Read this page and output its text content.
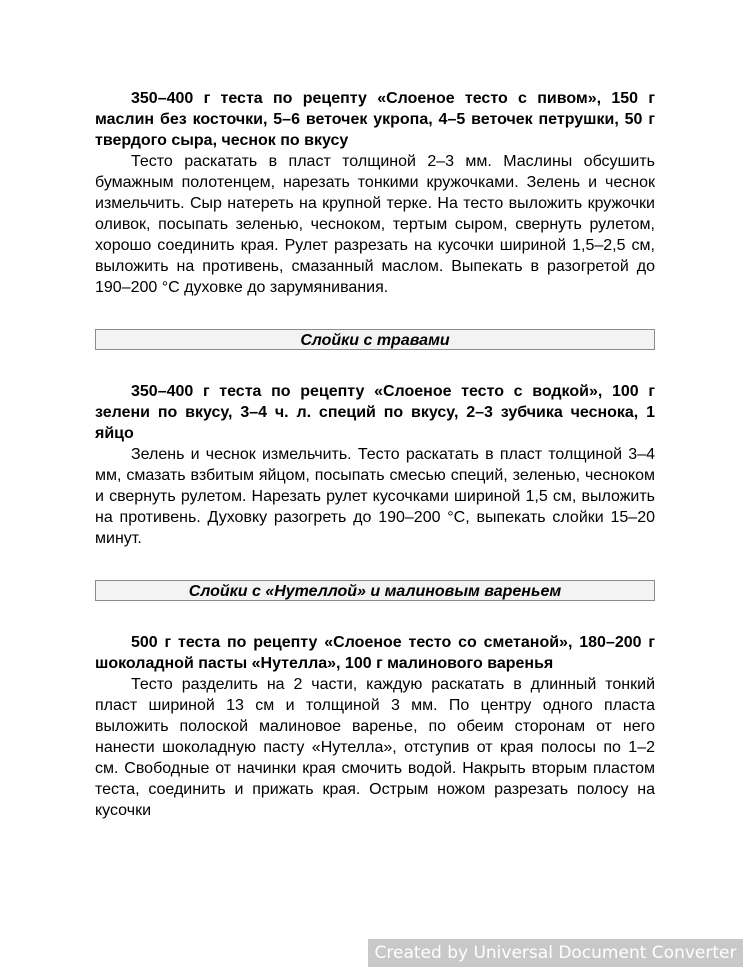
350–400 г теста по рецепту «Слоеное тесто с пивом», 150 г маслин без косточки, 5–6 веточек укропа, 4–5 веточек петрушки, 50 г твердого сыра, чеснок по вкусу

Тесто раскатать в пласт толщиной 2–3 мм. Маслины обсушить бумажным полотенцем, нарезать тонкими кружочками. Зелень и чеснок измельчить. Сыр натереть на крупной терке. На тесто выложить кружочки оливок, посыпать зеленью, чесноком, тертым сыром, свернуть рулетом, хорошо соединить края. Рулет разрезать на кусочки шириной 1,5–2,5 см, выложить на противень, смазанный маслом. Выпекать в разогретой до 190–200 °C духовке до зарумянивания.

Слойки с травами

350–400 г теста по рецепту «Слоеное тесто с водкой», 100 г зелени по вкусу, 3–4 ч. л. специй по вкусу, 2–3 зубчика чеснока, 1 яйцо

Зелень и чеснок измельчить. Тесто раскатать в пласт толщиной 3–4 мм, смазать взбитым яйцом, посыпать смесью специй, зеленью, чесноком и свернуть рулетом. Нарезать рулет кусочками шириной 1,5 см, выложить на противень. Духовку разогреть до 190–200 °C, выпекать слойки 15–20 минут.

Слойки с «Нутеллой» и малиновым вареньем

500 г теста по рецепту «Слоеное тесто со сметаной», 180–200 г шоколадной пасты «Нутелла», 100 г малинового варенья

Тесто разделить на 2 части, каждую раскатать в длинный тонкий пласт шириной 13 см и толщиной 3 мм. По центру одного пласта выложить полоской малиновое варенье, по обеим сторонам от него нанести шоколадную пасту «Нутелла», отступив от края полосы по 1–2 см. Свободные от начинки края смочить водой. Накрыть вторым пластом теста, соединить и прижать края. Острым ножом разрезать полосу на кусочки

Created by Universal Document Converter
